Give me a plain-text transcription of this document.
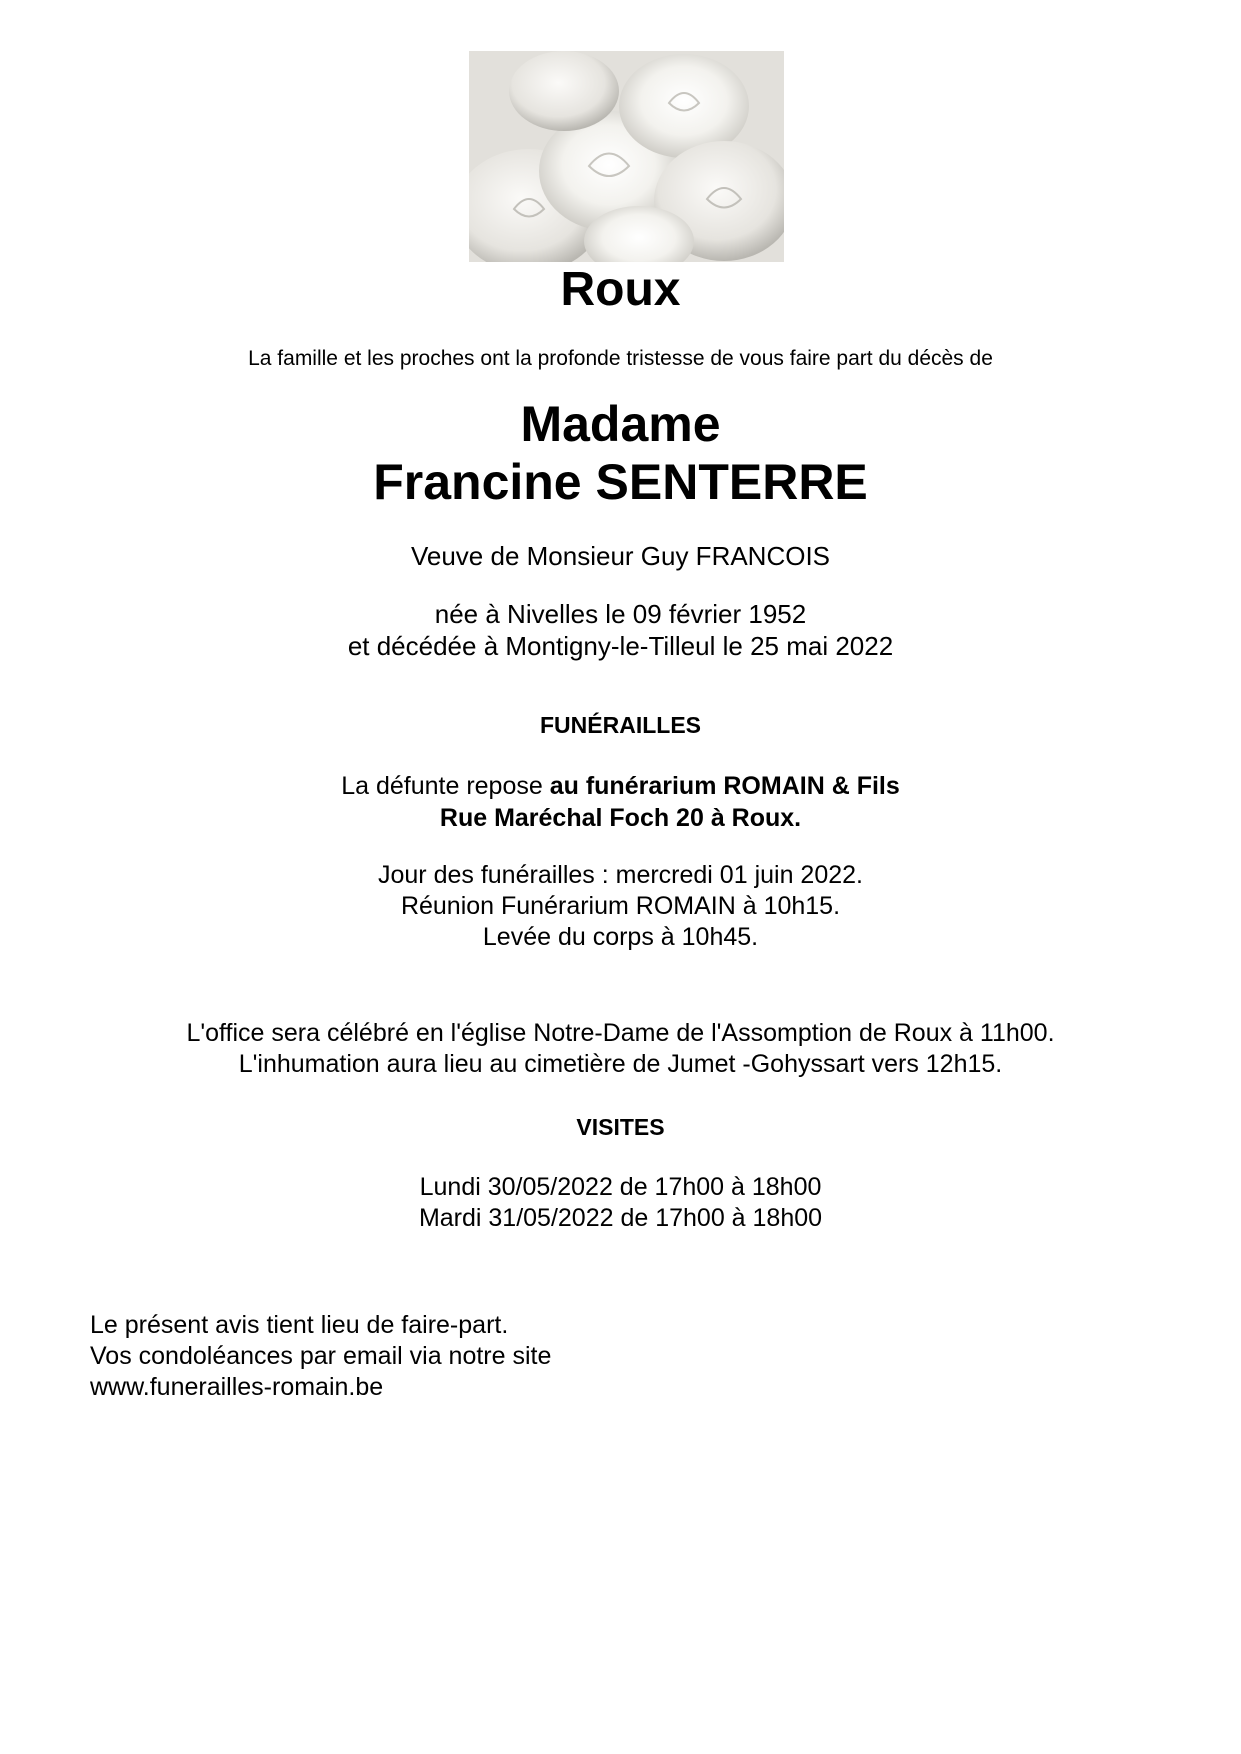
Roux
La famille et les proches ont la profonde tristesse de vous faire part du décès de
Madame
Francine SENTERRE
Veuve de Monsieur Guy FRANCOIS
née à Nivelles le 09 février 1952
et décédée à Montigny-le-Tilleul le 25 mai 2022
FUNÉRAILLES
La défunte repose au funérarium ROMAIN & Fils
Rue Maréchal Foch 20 à Roux.
Jour des funérailles : mercredi 01 juin 2022.
Réunion Funérarium ROMAIN à 10h15.
Levée du corps à 10h45.
L'office sera célébré en l'église Notre-Dame de l'Assomption de Roux à 11h00.
L'inhumation aura lieu au cimetière de Jumet -Gohyssart vers 12h15.
VISITES
Lundi 30/05/2022 de 17h00 à 18h00
Mardi 31/05/2022 de 17h00 à 18h00
Le présent avis tient lieu de faire-part.
Vos condoléances par email via notre site
www.funerailles-romain.be
